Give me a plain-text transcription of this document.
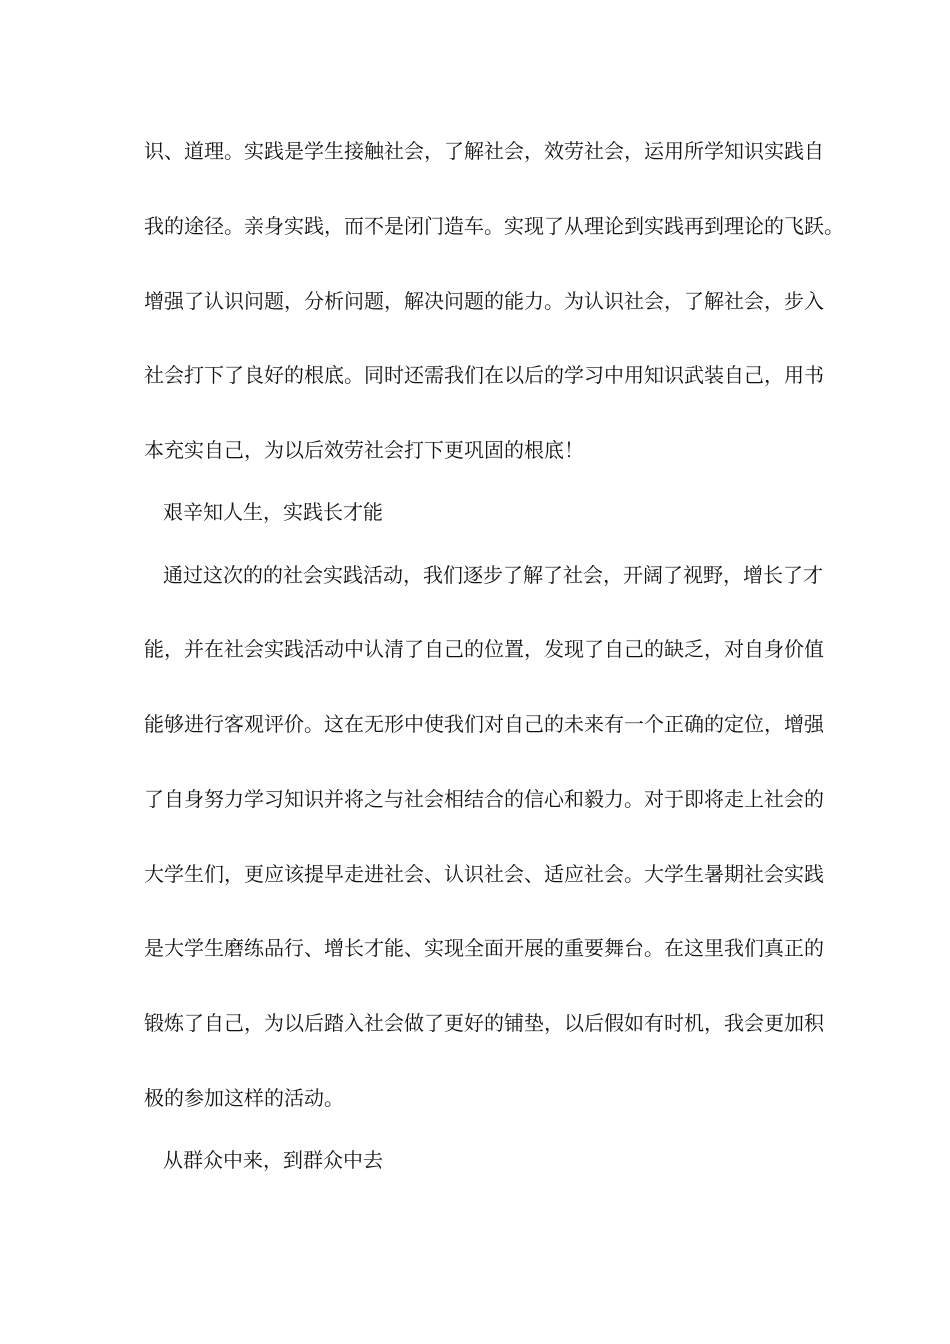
识、道理。实践是学生接触社会，了解社会，效劳社会，运用所学知识实践自
我的途径。亲身实践，而不是闭门造车。实现了从理论到实践再到理论的飞跃。
增强了认识问题，分析问题，解决问题的能力。为认识社会，了解社会，步入
社会打下了良好的根底。同时还需我们在以后的学习中用知识武装自己，用书
本充实自己，为以后效劳社会打下更巩固的根底！
艰辛知人生，实践长才能
通过这次的的社会实践活动，我们逐步了解了社会，开阔了视野，增长了才
能，并在社会实践活动中认清了自己的位置，发现了自己的缺乏，对自身价值
能够进行客观评价。这在无形中使我们对自己的未来有一个正确的定位，增强
了自身努力学习知识并将之与社会相结合的信心和毅力。对于即将走上社会的
大学生们，更应该提早走进社会、认识社会、适应社会。大学生暑期社会实践
是大学生磨练品行、增长才能、实现全面开展的重要舞台。在这里我们真正的
锻炼了自己，为以后踏入社会做了更好的铺垫，以后假如有时机，我会更加积
极的参加这样的活动。
从群众中来，到群众中去
